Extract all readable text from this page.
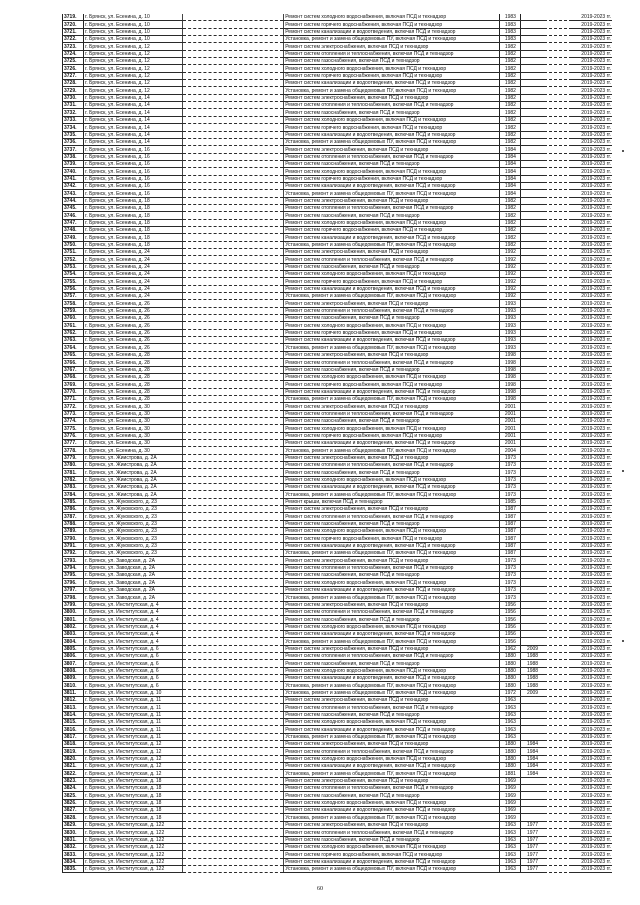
3719.	г. Брянск, ул. Есенина, д. 10		Ремонт систем холодного водоснабжения, включая ПСД и технадзор	1983			2019-2023 гг.
3720.	г. Брянск, ул. Есенина, д. 10		Ремонт систем горячего водоснабжения, включая ПСД и технадзор	1983			2019-2023 гг.
3721.	г. Брянск, ул. Есенина, д. 10		Ремонт систем канализации и водоотведения, включая ПСД и технадзор	1983			2019-2023 гг.
3722.	г. Брянск, ул. Есенина, д. 10		Установка, ремонт и замена общедомовых ПУ, включая ПСД и технадзор	1983			2019-2023 гг.
3723.	г. Брянск, ул. Есенина, д. 12		Ремонт систем электроснабжения, включая ПСД и технадзор	1982			2019-2023 гг.
3724.	г. Брянск, ул. Есенина, д. 12		Ремонт систем отопления и теплоснабжения, включая ПСД и технадзор	1982			2019-2023 гг.
3725.	г. Брянск, ул. Есенина, д. 12		Ремонт систем газоснабжения, включая ПСД и технадзор	1982			2019-2023 гг.
3726.	г. Брянск, ул. Есенина, д. 12		Ремонт систем холодного водоснабжения, включая ПСД и технадзор	1982			2019-2023 гг.
3727.	г. Брянск, ул. Есенина, д. 12		Ремонт систем горячего водоснабжения, включая ПСД и технадзор	1982			2019-2023 гг.
3728.	г. Брянск, ул. Есенина, д. 12		Ремонт систем канализации и водоотведения, включая ПСД и технадзор	1982			2019-2023 гг.
3729.	г. Брянск, ул. Есенина, д. 12		Установка, ремонт и замена общедомовых ПУ, включая ПСД и технадзор	1982			2019-2023 гг.
3730.	г. Брянск, ул. Есенина, д. 14		Ремонт систем электроснабжения, включая ПСД и технадзор	1982			2019-2023 гг.
3731.	г. Брянск, ул. Есенина, д. 14		Ремонт систем отопления и теплоснабжения, включая ПСД и технадзор	1982			2019-2023 гг.
3732.	г. Брянск, ул. Есенина, д. 14		Ремонт систем газоснабжения, включая ПСД и технадзор	1982			2019-2023 гг.
3733.	г. Брянск, ул. Есенина, д. 14		Ремонт систем холодного водоснабжения, включая ПСД и технадзор	1982			2019-2023 гг.
3734.	г. Брянск, ул. Есенина, д. 14		Ремонт систем горячего водоснабжения, включая ПСД и технадзор	1982			2019-2023 гг.
3735.	г. Брянск, ул. Есенина, д. 14		Ремонт систем канализации и водоотведения, включая ПСД и технадзор	1982			2019-2023 гг.
3736.	г. Брянск, ул. Есенина, д. 14		Установка, ремонт и замена общедомовых ПУ, включая ПСД и технадзор	1982			2019-2023 гг.
3737.	г. Брянск, ул. Есенина, д. 16		Ремонт систем электроснабжения, включая ПСД и технадзор	1984			2019-2023 гг.
3738.	г. Брянск, ул. Есенина, д. 16		Ремонт систем отопления и теплоснабжения, включая ПСД и технадзор	1984			2019-2023 гг.
3739.	г. Брянск, ул. Есенина, д. 16		Ремонт систем газоснабжения, включая ПСД и технадзор	1984			2019-2023 гг.
3740.	г. Брянск, ул. Есенина, д. 16		Ремонт систем холодного водоснабжения, включая ПСД и технадзор	1984			2019-2023 гг.
3741.	г. Брянск, ул. Есенина, д. 16		Ремонт систем горячего водоснабжения, включая ПСД и технадзор	1984			2019-2023 гг.
3742.	г. Брянск, ул. Есенина, д. 16		Ремонт систем канализации и водоотведения, включая ПСД и технадзор	1984			2019-2023 гг.
3743.	г. Брянск, ул. Есенина, д. 16		Установка, ремонт и замена общедомовых ПУ, включая ПСД и технадзор	1984			2019-2023 гг.
3744.	г. Брянск, ул. Есенина, д. 18		Ремонт систем электроснабжения, включая ПСД и технадзор	1982			2019-2023 гг.
3745.	г. Брянск, ул. Есенина, д. 18		Ремонт систем отопления и теплоснабжения, включая ПСД и технадзор	1982			2019-2023 гг.
3746.	г. Брянск, ул. Есенина, д. 18		Ремонт систем газоснабжения, включая ПСД и технадзор	1982			2019-2023 гг.
3747.	г. Брянск, ул. Есенина, д. 18		Ремонт систем холодного водоснабжения, включая ПСД и технадзор	1982			2019-2023 гг.
3748.	г. Брянск, ул. Есенина, д. 18		Ремонт систем горячего водоснабжения, включая ПСД и технадзор	1982			2019-2023 гг.
3749.	г. Брянск, ул. Есенина, д. 18		Ремонт систем канализации и водоотведения, включая ПСД и технадзор	1982			2019-2023 гг.
3750.	г. Брянск, ул. Есенина, д. 18		Установка, ремонт и замена общедомовых ПУ, включая ПСД и технадзор	1982			2019-2023 гг.
3751.	г. Брянск, ул. Есенина, д. 24		Ремонт систем электроснабжения, включая ПСД и технадзор	1992			2019-2023 гг.
3752.	г. Брянск, ул. Есенина, д. 24		Ремонт систем отопления и теплоснабжения, включая ПСД и технадзор	1992			2019-2023 гг.
3753.	г. Брянск, ул. Есенина, д. 24		Ремонт систем газоснабжения, включая ПСД и технадзор	1992			2019-2023 гг.
3754.	г. Брянск, ул. Есенина, д. 24		Ремонт систем холодного водоснабжения, включая ПСД и технадзор	1992			2019-2023 гг.
3755.	г. Брянск, ул. Есенина, д. 24		Ремонт систем горячего водоснабжения, включая ПСД и технадзор	1992			2019-2023 гг.
3756.	г. Брянск, ул. Есенина, д. 24		Ремонт систем канализации и водоотведения, включая ПСД и технадзор	1992			2019-2023 гг.
3757.	г. Брянск, ул. Есенина, д. 24		Установка, ремонт и замена общедомовых ПУ, включая ПСД и технадзор	1992			2019-2023 гг.
3758.	г. Брянск, ул. Есенина, д. 26		Ремонт систем электроснабжения, включая ПСД и технадзор	1993			2019-2023 гг.
3759.	г. Брянск, ул. Есенина, д. 26		Ремонт систем отопления и теплоснабжения, включая ПСД и технадзор	1993			2019-2023 гг.
3760.	г. Брянск, ул. Есенина, д. 26		Ремонт систем газоснабжения, включая ПСД и технадзор	1993			2019-2023 гг.
3761.	г. Брянск, ул. Есенина, д. 26		Ремонт систем холодного водоснабжения, включая ПСД и технадзор	1993			2019-2023 гг.
3762.	г. Брянск, ул. Есенина, д. 26		Ремонт систем горячего водоснабжения, включая ПСД и технадзор	1993			2019-2023 гг.
3763.	г. Брянск, ул. Есенина, д. 26		Ремонт систем канализации и водоотведения, включая ПСД и технадзор	1993			2019-2023 гг.
3764.	г. Брянск, ул. Есенина, д. 26		Установка, ремонт и замена общедомовых ПУ, включая ПСД и технадзор	1993			2019-2023 гг.
3765.	г. Брянск, ул. Есенина, д. 28		Ремонт систем электроснабжения, включая ПСД и технадзор	1998			2019-2023 гг.
3766.	г. Брянск, ул. Есенина, д. 28		Ремонт систем отопления и теплоснабжения, включая ПСД и технадзор	1998			2019-2023 гг.
3767.	г. Брянск, ул. Есенина, д. 28		Ремонт систем газоснабжения, включая ПСД и технадзор	1998			2019-2023 гг.
3768.	г. Брянск, ул. Есенина, д. 28		Ремонт систем холодного водоснабжения, включая ПСД и технадзор	1998			2019-2023 гг.
3769.	г. Брянск, ул. Есенина, д. 28		Ремонт систем горячего водоснабжения, включая ПСД и технадзор	1998			2019-2023 гг.
3770.	г. Брянск, ул. Есенина, д. 28		Ремонт систем канализации и водоотведения, включая ПСД и технадзор	1998			2019-2023 гг.
3771.	г. Брянск, ул. Есенина, д. 28		Установка, ремонт и замена общедомовых ПУ, включая ПСД и технадзор	1998			2019-2023 гг.
3772.	г. Брянск, ул. Есенина, д. 30		Ремонт систем электроснабжения, включая ПСД и технадзор	2001			2019-2023 гг.
3773.	г. Брянск, ул. Есенина, д. 30		Ремонт систем отопления и теплоснабжения, включая ПСД и технадзор	2001			2019-2023 гг.
3774.	г. Брянск, ул. Есенина, д. 30		Ремонт систем газоснабжения, включая ПСД и технадзор	2001			2019-2023 гг.
3775.	г. Брянск, ул. Есенина, д. 30		Ремонт систем холодного водоснабжения, включая ПСД и технадзор	2001			2019-2023 гг.
3776.	г. Брянск, ул. Есенина, д. 30		Ремонт систем горячего водоснабжения, включая ПСД и технадзор	2001			2019-2023 гг.
3777.	г. Брянск, ул. Есенина, д. 30		Ремонт систем канализации и водоотведения, включая ПСД и технадзор	2001			2019-2023 гг.
3778.	г. Брянск, ул. Есенина, д. 30		Установка, ремонт и замена общедомовых ПУ, включая ПСД и технадзор	2004			2019-2023 гг.
3779.	г. Брянск, ул. Жиистрова, д. 2А		Ремонт систем электроснабжения, включая ПСД и технадзор	1973			2019-2023 гг.
3780.	г. Брянск, ул. Жиистрова, д. 2А		Ремонт систем отопления и теплоснабжения, включая ПСД и технадзор	1973			2019-2023 гг.
3781.	г. Брянск, ул. Жиистрова, д. 2А		Ремонт систем газоснабжения, включая ПСД и технадзор	1973			2019-2023 гг.
3782.	г. Брянск, ул. Жиистрова, д. 2А		Ремонт систем холодного водоснабжения, включая ПСД и технадзор	1973			2019-2023 гг.
3783.	г. Брянск, ул. Жиистрова, д. 2А		Ремонт систем канализации и водоотведения, включая ПСД и технадзор	1973			2019-2023 гг.
3784.	г. Брянск, ул. Жиистрова, д. 2А		Установка, ремонт и замена общедомовых ПУ, включая ПСД и технадзор	1973			2019-2023 гг.
3785.	г. Брянск, ул. Жуковского, д. 23		Ремонт крыши, включая ПСД и технадзор	1985			2019-2023 гг.
3786.	г. Брянск, ул. Жуковского, д. 23		Ремонт систем электроснабжения, включая ПСД и технадзор	1987			2019-2023 гг.
3787.	г. Брянск, ул. Жуковского, д. 23		Ремонт систем отопления и теплоснабжения, включая ПСД и технадзор	1987			2019-2023 гг.
3788.	г. Брянск, ул. Жуковского, д. 23		Ремонт систем газоснабжения, включая ПСД и технадзор	1987			2019-2023 гг.
3789.	г. Брянск, ул. Жуковского, д. 23		Ремонт систем холодного водоснабжения, включая ПСД и технадзор	1987			2019-2023 гг.
3790.	г. Брянск, ул. Жуковского, д. 23		Ремонт систем горячего водоснабжения, включая ПСД и технадзор	1987			2019-2023 гг.
3791.	г. Брянск, ул. Жуковского, д. 23		Ремонт систем канализации и водоотведения, включая ПСД и технадзор	1987			2019-2023 гг.
3792.	г. Брянск, ул. Жуковского, д. 23		Установка, ремонт и замена общедомовых ПУ, включая ПСД и технадзор	1987			2019-2023 гг.
3793.	г. Брянск, ул. Заводская, д. 2А		Ремонт систем электроснабжения, включая ПСД и технадзор	1973			2019-2023 гг.
3794.	г. Брянск, ул. Заводская, д. 2А		Ремонт систем отопления и теплоснабжения, включая ПСД и технадзор	1973			2019-2023 гг.
3795.	г. Брянск, ул. Заводская, д. 2А		Ремонт систем газоснабжения, включая ПСД и технадзор	1973			2019-2023 гг.
3796.	г. Брянск, ул. Заводская, д. 2А		Ремонт систем холодного водоснабжения, включая ПСД и технадзор	1973			2019-2023 гг.
3797.	г. Брянск, ул. Заводская, д. 2А		Ремонт систем канализации и водоотведения, включая ПСД и технадзор	1973			2019-2023 гг.
3798.	г. Брянск, ул. Заводская, д. 2А		Установка, ремонт и замена общедомовых ПУ, включая ПСД и технадзор	1973			2019-2023 гг.
3799.	г. Брянск, ул. Институтская, д. 4		Ремонт систем электроснабжения, включая ПСД и технадзор	1956			2019-2023 гг.
3800.	г. Брянск, ул. Институтская, д. 4		Ремонт систем отопления и теплоснабжения, включая ПСД и технадзор	1956			2019-2023 гг.
3801.	г. Брянск, ул. Институтская, д. 4		Ремонт систем газоснабжения, включая ПСД и технадзор	1956			2019-2023 гг.
3802.	г. Брянск, ул. Институтская, д. 4		Ремонт систем холодного водоснабжения, включая ПСД и технадзор	1956			2019-2023 гг.
3803.	г. Брянск, ул. Институтская, д. 4		Ремонт систем канализации и водоотведения, включая ПСД и технадзор	1956			2019-2023 гг.
3804.	г. Брянск, ул. Институтская, д. 4		Установка, ремонт и замена общедомовых ПУ, включая ПСД и технадзор	1956			2019-2023 гг.
3805.	г. Брянск, ул. Институтская, д. 6		Ремонт систем электроснабжения, включая ПСД и технадзор	1962	2009		2019-2023 гг.
3806.	г. Брянск, ул. Институтская, д. 6		Ремонт систем отопления и теплоснабжения, включая ПСД и технадзор	1880	1988		2019-2023 гг.
3807.	г. Брянск, ул. Институтская, д. 6		Ремонт систем газоснабжения, включая ПСД и технадзор	1880	1988		2019-2023 гг.
3808.	г. Брянск, ул. Институтская, д. 6		Ремонт систем холодного водоснабжения, включая ПСД и технадзор	1880	1988		2019-2023 гг.
3809.	г. Брянск, ул. Институтская, д. 6		Ремонт систем канализации и водоотведения, включая ПСД и технадзор	1880	1988		2019-2023 гг.
3810.	г. Брянск, ул. Институтская, д. 6		Установка, ремонт и замена общедомовых ПУ, включая ПСД и технадзор	1880	1988		2019-2023 гг.
3811.	г. Брянск, ул. Институтская, д. 10		Установка, ремонт и замена общедомовых ПУ, включая ПСД и технадзор	1972	2009		2019-2023 гг.
3812.	г. Брянск, ул. Институтская, д. 11		Ремонт систем электроснабжения, включая ПСД и технадзор	1963			2019-2023 гг.
3813.	г. Брянск, ул. Институтская, д. 11		Ремонт систем отопления и теплоснабжения, включая ПСД и технадзор	1963			2019-2023 гг.
3814.	г. Брянск, ул. Институтская, д. 11		Ремонт систем газоснабжения, включая ПСД и технадзор	1963			2019-2023 гг.
3815.	г. Брянск, ул. Институтская, д. 11		Ремонт систем холодного водоснабжения, включая ПСД и технадзор	1963			2019-2023 гг.
3816.	г. Брянск, ул. Институтская, д. 11		Ремонт систем канализации и водоотведения, включая ПСД и технадзор	1963			2019-2023 гг.
3817.	г. Брянск, ул. Институтская, д. 11		Установка, ремонт и замена общедомовых ПУ, включая ПСД и технадзор	1963			2019-2023 гг.
3818.	г. Брянск, ул. Институтская, д. 12		Ремонт систем электроснабжения, включая ПСД и технадзор	1880	1984		2019-2023 гг.
3819.	г. Брянск, ул. Институтская, д. 12		Ремонт систем отопления и теплоснабжения, включая ПСД и технадзор	1880	1984		2019-2023 гг.
3820.	г. Брянск, ул. Институтская, д. 12		Ремонт систем холодного водоснабжения, включая ПСД и технадзор	1880	1984		2019-2023 гг.
3821.	г. Брянск, ул. Институтская, д. 12		Ремонт систем канализации и водоотведения, включая ПСД и технадзор	1880	1984		2019-2023 гг.
3822.	г. Брянск, ул. Институтская, д. 12		Установка, ремонт и замена общедомовых ПУ, включая ПСД и технадзор	1881	1984		2019-2023 гг.
3823.	г. Брянск, ул. Институтская, д. 18		Ремонт систем электроснабжения, включая ПСД и технадзор	1969			2019-2023 гг.
3824.	г. Брянск, ул. Институтская, д. 18		Ремонт систем отопления и теплоснабжения, включая ПСД и технадзор	1969			2019-2023 гг.
3825.	г. Брянск, ул. Институтская, д. 18		Ремонт систем газоснабжения, включая ПСД и технадзор	1969			2019-2023 гг.
3826.	г. Брянск, ул. Институтская, д. 18		Ремонт систем холодного водоснабжения, включая ПСД и технадзор	1969			2019-2023 гг.
3827.	г. Брянск, ул. Институтская, д. 18		Ремонт систем канализации и водоотведения, включая ПСД и технадзор	1969			2019-2023 гг.
3828.	г. Брянск, ул. Институтская, д. 18		Установка, ремонт и замена общедомовых ПУ, включая ПСД и технадзор	1969			2019-2023 гг.
3829.	г. Брянск, ул. Институтская, д. 122		Ремонт систем электроснабжения, включая ПСД и технадзор	1963	1977		2019-2023 гг.
3830.	г. Брянск, ул. Институтская, д. 122		Ремонт систем отопления и теплоснабжения, включая ПСД и технадзор	1963	1977		2019-2023 гг.
3831.	г. Брянск, ул. Институтская, д. 122		Ремонт систем газоснабжения, включая ПСД и технадзор	1963	1977		2019-2023 гг.
3832.	г. Брянск, ул. Институтская, д. 122		Ремонт систем холодного водоснабжения, включая ПСД и технадзор	1963	1977		2019-2023 гг.
3833.	г. Брянск, ул. Институтская, д. 122		Ремонт систем горячего водоснабжения, включая ПСД и технадзор	1963	1977		2019-2023 гг.
3834.	г. Брянск, ул. Институтская, д. 122		Ремонт систем канализации и водоотведения, включая ПСД и технадзор	1963	1977		2019-2023 гг.
3835.	г. Брянск, ул. Институтская, д. 122		Установка, ремонт и замена общедомовых ПУ, включая ПСД и технадзор	1963	1977		2019-2023 гг.
60
